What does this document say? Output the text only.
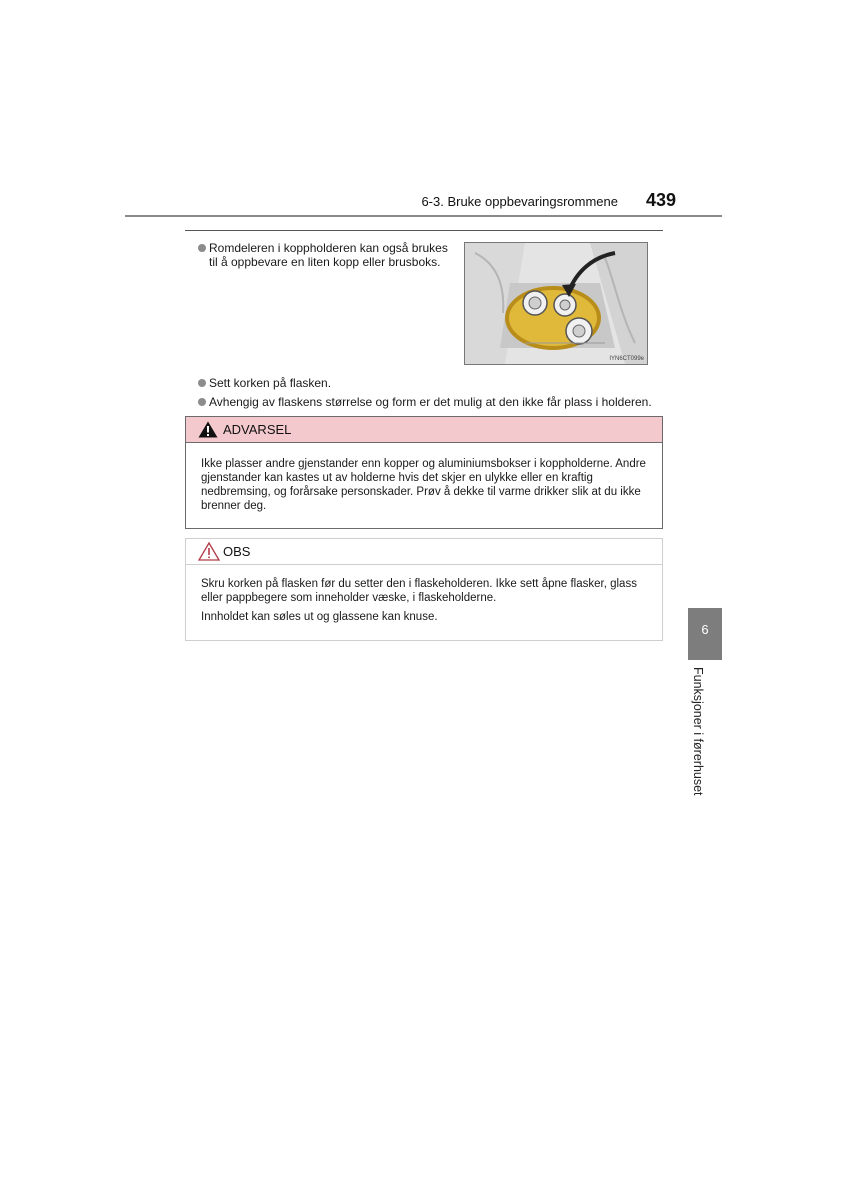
6-3. Bruke oppbevaringsrommene 439
Romdeleren i koppholderen kan også brukes
til å oppbevare en liten kopp eller brusboks.
IYN6CT099e
Sett korken på flasken.
Avhengig av flaskens størrelse og form er det mulig at den ikke får plass i holderen.
ADVARSEL
Ikke plasser andre gjenstander enn kopper og aluminiumsbokser i koppholderne. Andre gjenstander kan kastes ut av holderne hvis det skjer en ulykke eller en kraftig nedbremsing, og forårsake personskader. Prøv å dekke til varme drikker slik at du ikke brenner deg.
OBS
Skru korken på flasken før du setter den i flaskeholderen. Ikke sett åpne flasker, glass eller pappbegere som inneholder væske, i flaskeholderne.
Innholdet kan søles ut og glassene kan knuse.
6
Funksjoner i førerhuset
